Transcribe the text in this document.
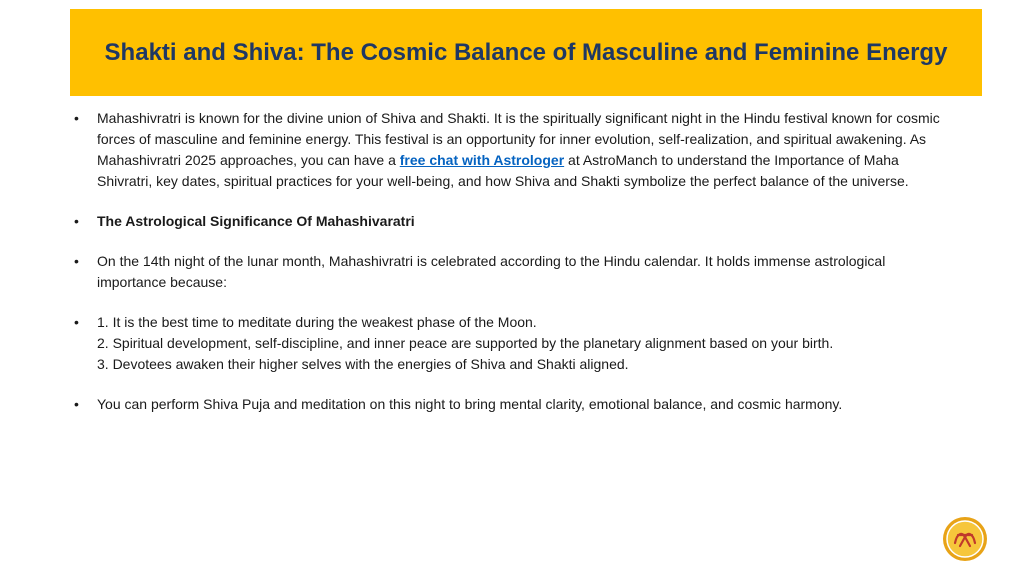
Shakti and Shiva: The Cosmic Balance of Masculine and Feminine Energy
•	Mahashivratri is known for the divine union of Shiva and Shakti. It is the spiritually significant night in the Hindu festival known for cosmic forces of masculine and feminine energy. This festival is an opportunity for inner evolution, self-realization, and spiritual awakening. As Mahashivratri 2025 approaches, you can have a free chat with Astrologer at AstroManch to understand the Importance of Maha Shivratri, key dates, spiritual practices for your well-being, and how Shiva and Shakti symbolize the perfect balance of the universe.
•	The Astrological Significance Of Mahashivaratri
•	On the 14th night of the lunar month, Mahashivratri is celebrated according to the Hindu calendar. It holds immense astrological importance because:
•	1. It is the best time to meditate during the weakest phase of the Moon.
2. Spiritual development, self-discipline, and inner peace are supported by the planetary alignment based on your birth.
3. Devotees awaken their higher selves with the energies of Shiva and Shakti aligned.
•	You can perform Shiva Puja and meditation on this night to bring mental clarity, emotional balance, and cosmic harmony.
